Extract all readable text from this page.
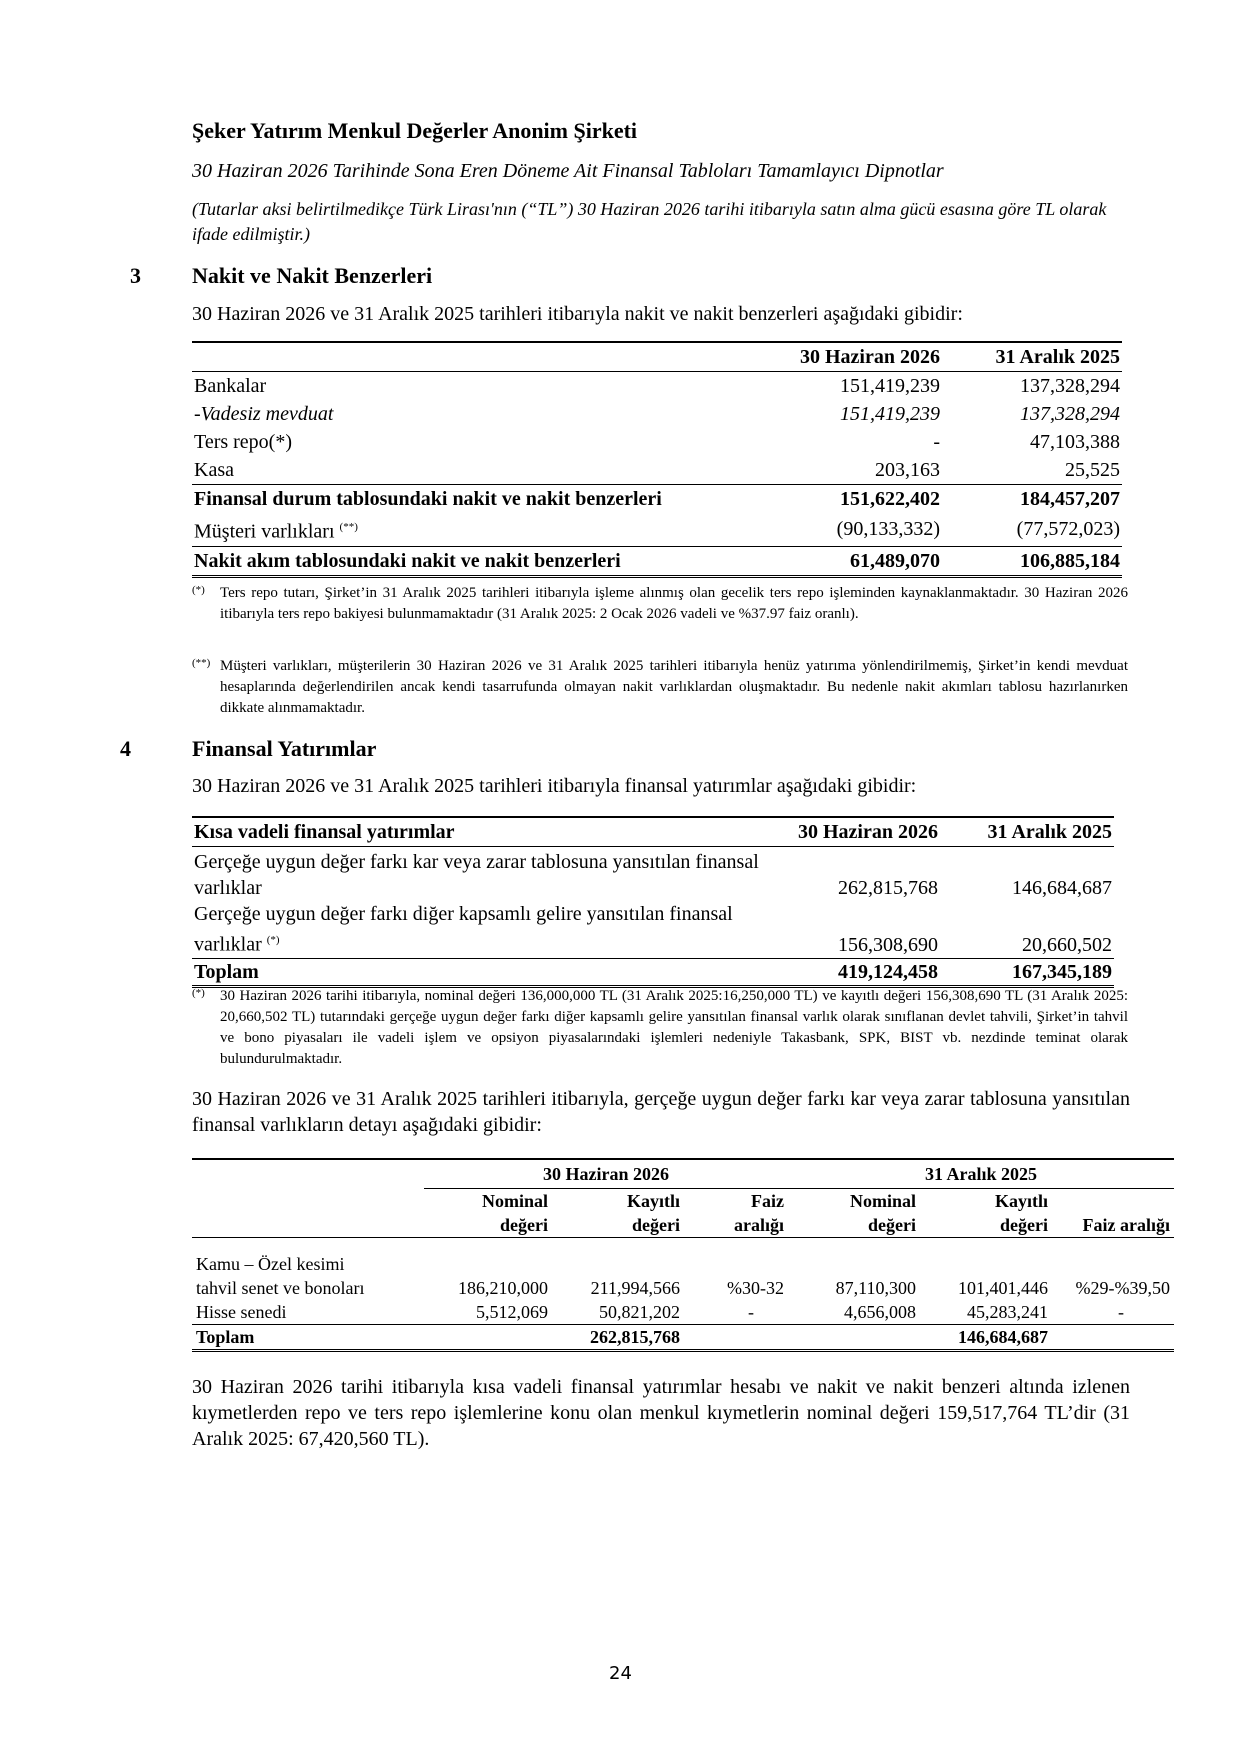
Şeker Yatırım Menkul Değerler Anonim Şirketi
30 Haziran 2026 Tarihinde Sona Eren Döneme Ait Finansal Tabloları Tamamlayıcı Dipnotlar
(Tutarlar aksi belirtilmedikçe Türk Lirası'nın (“TL”) 30 Haziran 2026 tarihi itibarıyla satın alma gücü esasına göre TL olarak ifade edilmiştir.)
3 Nakit ve Nakit Benzerleri
30 Haziran 2026 ve 31 Aralık 2025 tarihleri itibarıyla nakit ve nakit benzerleri aşağıdaki gibidir:
	30 Haziran 2026	31 Aralık 2025
Bankalar	151,419,239	137,328,294
-Vadesiz mevduat	151,419,239	137,328,294
Ters repo(*)	-	47,103,388
Kasa	203,163	25,525
Finansal durum tablosundaki nakit ve nakit benzerleri	151,622,402	184,457,207
Müşteri varlıkları (**)	(90,133,332)	(77,572,023)
Nakit akım tablosundaki nakit ve nakit benzerleri	61,489,070	106,885,184
(*) Ters repo tutarı, Şirket’in 31 Aralık 2025 tarihleri itibarıyla işleme alınmış olan gecelik ters repo işleminden kaynaklanmaktadır. 30 Haziran 2026 itibarıyla ters repo bakiyesi bulunmamaktadır (31 Aralık 2025: 2 Ocak 2026 vadeli ve %37.97 faiz oranlı).
(**) Müşteri varlıkları, müşterilerin 30 Haziran 2026 ve 31 Aralık 2025 tarihleri itibarıyla henüz yatırıma yönlendirilmemiş, Şirket’in kendi mevduat hesaplarında değerlendirilen ancak kendi tasarrufunda olmayan nakit varlıklardan oluşmaktadır. Bu nedenle nakit akımları tablosu hazırlanırken dikkate alınmamaktadır.
4	Finansal Yatırımlar
30 Haziran 2026 ve 31 Aralık 2025 tarihleri itibarıyla finansal yatırımlar aşağıdaki gibidir:
Kısa vadeli finansal yatırımlar	30 Haziran 2026	31 Aralık 2025
Gerçeğe uygun değer farkı kar veya zarar tablosuna yansıtılan finansal varlıklar	262,815,768	146,684,687
Gerçeğe uygun değer farkı diğer kapsamlı gelire yansıtılan finansal varlıklar (*)	156,308,690	20,660,502
Toplam	419,124,458	167,345,189
(*) 30 Haziran 2026 tarihi itibarıyla, nominal değeri 136,000,000 TL (31 Aralık 2025:16,250,000 TL) ve kayıtlı değeri 156,308,690 TL (31 Aralık 2025: 20,660,502 TL) tutarındaki gerçeğe uygun değer farkı diğer kapsamlı gelire yansıtılan finansal varlık olarak sınıflanan devlet tahvili, Şirket’in tahvil ve bono piyasaları ile vadeli işlem ve opsiyon piyasalarındaki işlemleri nedeniyle Takasbank, SPK, BIST vb. nezdinde teminat olarak bulundurulmaktadır.
30 Haziran 2026 ve 31 Aralık 2025 tarihleri itibarıyla, gerçeğe uygun değer farkı kar veya zarar tablosuna yansıtılan finansal varlıkların detayı aşağıdaki gibidir:
	30 Haziran 2026			31 Aralık 2025		
	Nominal	Kayıtlı	Faiz	Nominal	Kayıtlı	
	değeri	değeri	aralığı	değeri	değeri	Faiz aralığı

Kamu – Özel kesimi						
tahvil senet ve bonoları	186,210,000	211,994,566	%30-32	87,110,300	101,401,446	%29-%39,50
Hisse senedi	5,512,069	50,821,202	-	4,656,008	45,283,241	-
Toplam		262,815,768			146,684,687	
30 Haziran 2026 tarihi itibarıyla kısa vadeli finansal yatırımlar hesabı ve nakit ve nakit benzeri altında izlenen kıymetlerden repo ve ters repo işlemlerine konu olan menkul kıymetlerin nominal değeri 159,517,764 TL’dir (31 Aralık 2025: 67,420,560 TL).
24
